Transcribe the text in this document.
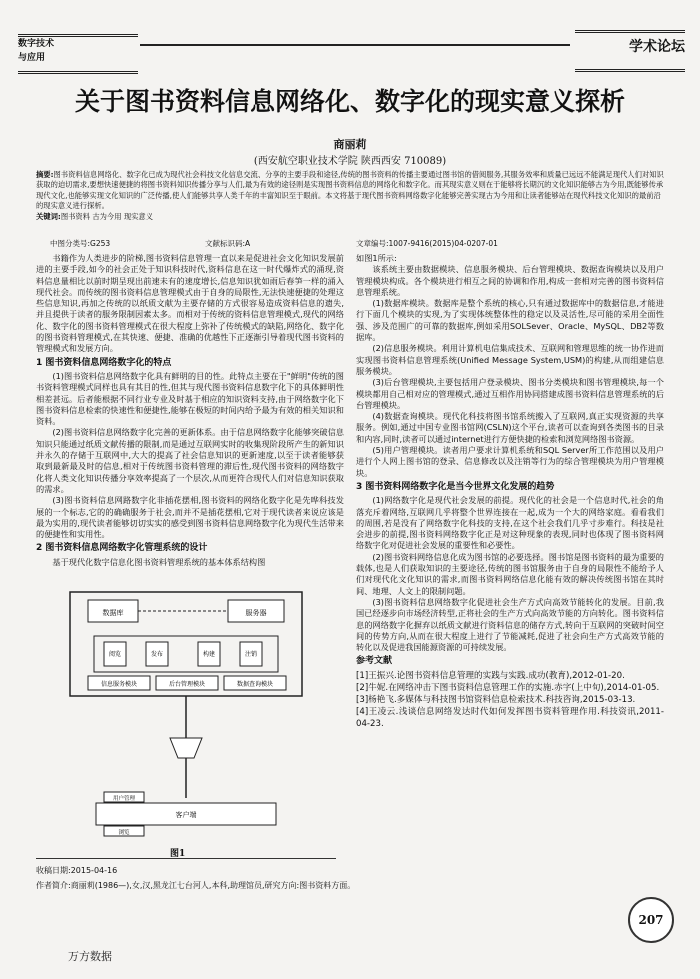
数字技术
与应用
学术论坛
关于图书资料信息网络化、数字化的现实意义探析
商丽莉
(西安航空职业技术学院 陕西西安 710089)
摘要:图书资料信息网络化、数字化已成为现代社会科技文化信息交流、分享的主要手段和途径,传统的图书资料的传播主要通过图书馆的借阅服务,其服务效率和质量已远远不能满足现代人们对知识获取的迫切需求,要想快速便捷的将图书资料知识传播分享与人们,最为有效的途径则是实现图书资料信息的网络化和数字化。而其现实意义则在于能够将长期沉的文化知识能够古为今用,既能够传承现代文化,也能够实现文化知识的广泛传播,使人们能够共享人类千年的丰富知识至于眼前。本文将基于现代图书资料网络数字化能够完善实现古为今用和让读者能够站在现代科技文化知识的最前沿的现实意义进行探析。
关键词:图书资料 古为今用 现实意义
中图分类号:G253	文献标识码:A	文章编号:1007-9416(2015)04-0207-01

书籍作为人类进步的阶梯,图书资料信息管理一直以来是促进社会文化知识发展前进的主要手段,如今的社会正处于知识科技时代,资料信息在这一时代爆炸式的涌现,资料信息量相比以前时期呈现出前速未有的速度增长,信息知识犹如雨后春笋一样的涌入现代社会。而传统的图书资料信息管理模式由于自身的局限性,无法快速便捷的处理这些信息知识,再加之传统的以纸质文献为主要存储的方式很容易造成资料信息的遗失,并且提供于读者的服务限制因素太多。而相对于传统的资料信息管理模式,现代的网络化、数字化的图书资料管理模式在很大程度上弥补了传统模式的缺陷,网络化、数字化的图书资料管理模式,在其快速、便捷、准确的优越性下正逐渐引导着现代图书资料的管理模式和发展方向。

1 图书资料信息网络数字化的特点

(1)图书资料信息网络数字化具有鲜明的目的性。此特点主要在于"鲜明"传统的图书资料管理模式同样也具有其目的性,但其与现代图书资料信息数字化下的具体鲜明性相差甚远。后者能根据不同行业专业及时基于相应的知识资料支持,由于网络数字化下图书资料信息检索的快速性和便捷性,能够在极短的时间内给予最为有效的相关知识和资料。

(2)图书资料信息网络数字化完善的更新体系。由于信息网络数字化能够突破信息知识只能通过纸质文献传播的限制,而是通过互联网实时的收集现阶段所产生的新知识并永久的存储于互联网中,大大的提高了社会信息知识的更新速度,以至于读者能够获取到最新最及时的信息,相对于传统图书资料管理的滞后性,现代图书资料的网络数字化将人类文化知识传播分享效率提高了一个层次,从而更符合现代人们对信息知识获取的需求。

(3)图书资料信息网路数字化非插花摆相,图书资料的网络化数字化是先哗科技发展的一个标志,它的的确确服务于社会,而并不是插花摆相,它对于现代读者来说应该是最为实用的,现代读者能够切切实实的感受到图书资料信息网络数字化为现代生活带来的便捷性和实用性。

2 图书资料信息网络数字化管理系统的设计

基于现代化数字信息化图书资料管理系统的基本体系结构图

数据库	服务器
阅览	发布	构建	注销
信息服务模块	后台管理模块	数据查询模块
客户端
用户管理
浏览
图1

如图1所示:

该系统主要由数据模块、信息服务模块、后台管理模块、数据查询模块以及用户管理模块构成。各个模块进行相互之间的协调和作用,构成一套相对完善的图书资料信息管理系统。

(1)数据库模块。数据库是整个系统的核心,只有通过数据库中的数据信息,才能进行下面几个模块的实现,为了实现体统整体性的稳定以及灵活性,尽可能的采用全面性强、涉及范围广的可靠的数据库,例如采用SOLSever、Oracle、MySQL、DB2等数据库。

(2)信息服务模块。利用计算机电信集成技术、互联网和管理思维的统一协作进而实现图书资料信息管理系统(Unified Message System,USM)的构建,从而组建信息服务模块。

(3)后台管理模块,主要包括用户登录模块、图书分类模块和图书管理模块,每一个模块都用自己相对应的管理模式,通过互相作用协同搭建成图书资料信息管理系统的后台管理模块。

(4)数据查询模块。现代化科技将图书馆系统搬入了互联网,真正实现资源的共享服务。例如,通过中国专业图书馆网(CSLN)这个平台,读者可以查询到各类图书的目录和内容,同时,读者可以通过internet进行方便快捷的检索和浏览网络图书资源。

(5)用户管理模块。读者用户要求计算机系统和SQL Server所工作范围以及用户进行个人网上图书馆的登录、信息修改以及注销等行为的综合管理模块为用户管理模块。

3 图书资料网络数字化是当今世界文化发展的趋势

(1)网络数字化是现代社会发展的前提。现代化的社会是一个信息时代,社会的角落充斥着网络,互联网几乎将整个世界连接在一起,成为一个大的网络家庭。看看我们的周围,若是没有了网络数字化科技的支持,在这个社会我们几乎寸步难行。科技是社会进步的前提,图书资料网络数字化正是对这种现象的表现,同时也体现了图书资料网络数字化对促进社会发展的重要性和必要性。

(2)图书资料网络信息化成为图书馆的必要选择。图书馆是图书资料的最为重要的载体,也是人们获取知识的主要途径,传统的图书馆服务由于自身的局限性不能给予人们对现代化文化知识的需求,而图书资料网络信息化能有效的解决传统图书馆在其时间、地理、人文上的限制问题。

(3)图书资料信息网络数字化促进社会生产方式向高效节能转化的发展。目前,我国已经逐步向市场经济转型,正将社会的生产方式向高效节能的方向转化。图书资料信息的网络数字化摒弃以纸质文献进行资料信息的储存方式,转向于互联网的突破时间空间的传势方向,从而在很大程度上进行了节能减耗,促进了社会向生产方式高效节能的转化以及促进我国能源资源的可持续发展。

参考文献

[1]王振兴.论图书资料信息管理的实践与实践.成功(教育),2012-01-20.

[2]牛妮.在网络冲击下图书资料信息管理工作的实施.赤字(上中旬),2014-01-05.

[3]杨艳飞.多媒体与科技图书馆资料信息检索技术.科技咨询,2015-03-13.

[4]王凌云.浅谈信息网络发达时代如何发挥图书资料管理作用.科技资讯,2011-04-23.

收稿日期:2015-04-16
作者简介:商丽莉(1986—),女,汉,黑龙江七台河人,本科,助理馆员,研究方向:图书资料方面。
207
万方数据
